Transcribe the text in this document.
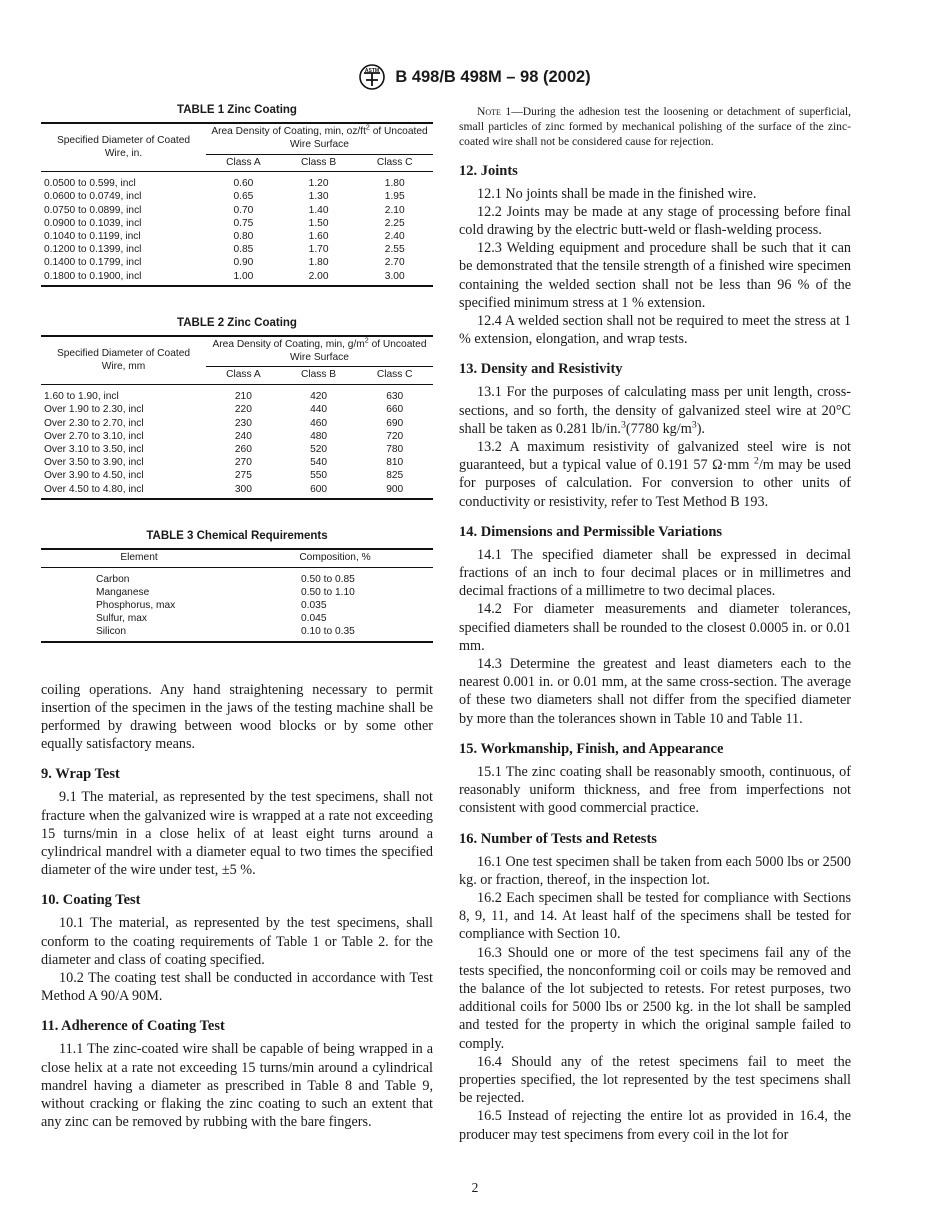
ASTM B 498/B 498M – 98 (2002)
TABLE 1 Zinc Coating
Specified Diameter of Coated Wire, in.	Area Density of Coating, min, $oz/ft^2$ of Uncoated Wire Surface		
	Class A	Class B	Class C
0.0500 to 0.599, incl	0.60	1.20	1.80
0.0600 to 0.0749, incl	0.65	1.30	1.95
0.0750 to 0.0899, incl	0.70	1.40	2.10
0.0900 to 0.1039, incl	0.75	1.50	2.25
0.1040 to 0.1199, incl	0.80	1.60	2.40
0.1200 to 0.1399, incl	0.85	1.70	2.55
0.1400 to 0.1799, incl	0.90	1.80	2.70
0.1800 to 0.1900, incl	1.00	2.00	3.00
TABLE 2 Zinc Coating
Specified Diameter of Coated Wire, mm	Area Density of Coating, min, $g/m^2$ of Uncoated Wire Surface		
	Class A	Class B	Class C
1.60 to 1.90, incl	210	420	630
Over 1.90 to 2.30, incl	220	440	660
Over 2.30 to 2.70, incl	230	460	690
Over 2.70 to 3.10, incl	240	480	720
Over 3.10 to 3.50, incl	260	520	780
Over 3.50 to 3.90, incl	270	540	810
Over 3.90 to 4.50, incl	275	550	825
Over 4.50 to 4.80, incl	300	600	900
TABLE 3 Chemical Requirements
Element	Composition, %
Carbon	0.50 to 0.85
Manganese	0.50 to 1.10
Phosphorus, max	0.035
Sulfur, max	0.045
Silicon	0.10 to 0.35

coiling operations. Any hand straightening necessary to permit insertion of the specimen in the jaws of the testing machine shall be performed by drawing between wood blocks or by some other equally satisfactory means.

9. Wrap Test

9.1 The material, as represented by the test specimens, shall not fracture when the galvanized wire is wrapped at a rate not exceeding 15 turns/min in a close helix of at least eight turns around a cylindrical mandrel with a diameter equal to two times the specified diameter of the wire under test, ±5 %.

10. Coating Test

10.1 The material, as represented by the test specimens, shall conform to the coating requirements of Table 1 or Table 2. for the diameter and class of coating specified.

10.2 The coating test shall be conducted in accordance with Test Method A 90/A 90M.

11. Adherence of Coating Test

11.1 The zinc-coated wire shall be capable of being wrapped in a close helix at a rate not exceeding 15 turns/min around a cylindrical mandrel having a diameter as prescribed in Table 8 and Table 9, without cracking or flaking the zinc coating to such an extent that any zinc can be removed by rubbing with the bare fingers.

Note 1—During the adhesion test the loosening or detachment of superficial, small particles of zinc formed by mechanical polishing of the surface of the zinc-coated wire shall not be considered cause for rejection.

12. Joints

12.1 No joints shall be made in the finished wire.

12.2 Joints may be made at any stage of processing before final cold drawing by the electric butt-weld or flash-welding process.

12.3 Welding equipment and procedure shall be such that it can be demonstrated that the tensile strength of a finished wire specimen containing the welded section shall not be less than 96 % of the specified minimum stress at 1 % extension.

12.4 A welded section shall not be required to meet the stress at 1 % extension, elongation, and wrap tests.

13. Density and Resistivity

13.1 For the purposes of calculating mass per unit length, cross-sections, and so forth, the density of galvanized steel wire at 20°C shall be taken as 0.281 lb/in.$^3$(7780 $kg/m^3$).

13.2 A maximum resistivity of galvanized steel wire is not guaranteed, but a typical value of 0.191 57 Ω·mm $^2$/m may be used for purposes of calculation. For conversion to other units of conductivity or resistivity, refer to Test Method B 193.

14. Dimensions and Permissible Variations

14.1 The specified diameter shall be expressed in decimal fractions of an inch to four decimal places or in millimetres and decimal fractions of a millimetre to two decimal places.

14.2 For diameter measurements and diameter tolerances, specified diameters shall be rounded to the closest 0.0005 in. or 0.01 mm.

14.3 Determine the greatest and least diameters each to the nearest 0.001 in. or 0.01 mm, at the same cross-section. The average of these two diameters shall not differ from the specified diameter by more than the tolerances shown in Table 10 and Table 11.

15. Workmanship, Finish, and Appearance

15.1 The zinc coating shall be reasonably smooth, continuous, of reasonably uniform thickness, and free from imperfections not consistent with good commercial practice.

16. Number of Tests and Retests

16.1 One test specimen shall be taken from each 5000 lbs or 2500 kg. or fraction, thereof, in the inspection lot.

16.2 Each specimen shall be tested for compliance with Sections 8, 9, 11, and 14. At least half of the specimens shall be tested for compliance with Section 10.

16.3 Should one or more of the test specimens fail any of the tests specified, the nonconforming coil or coils may be removed and the balance of the lot subjected to retests. For retest purposes, two additional coils for 5000 lbs or 2500 kg. in the lot shall be sampled and tested for the property in which the original sample failed to comply.

16.4 Should any of the retest specimens fail to meet the properties specified, the lot represented by the test specimens shall be rejected.

16.5 Instead of rejecting the entire lot as provided in 16.4, the producer may test specimens from every coil in the lot for

2
